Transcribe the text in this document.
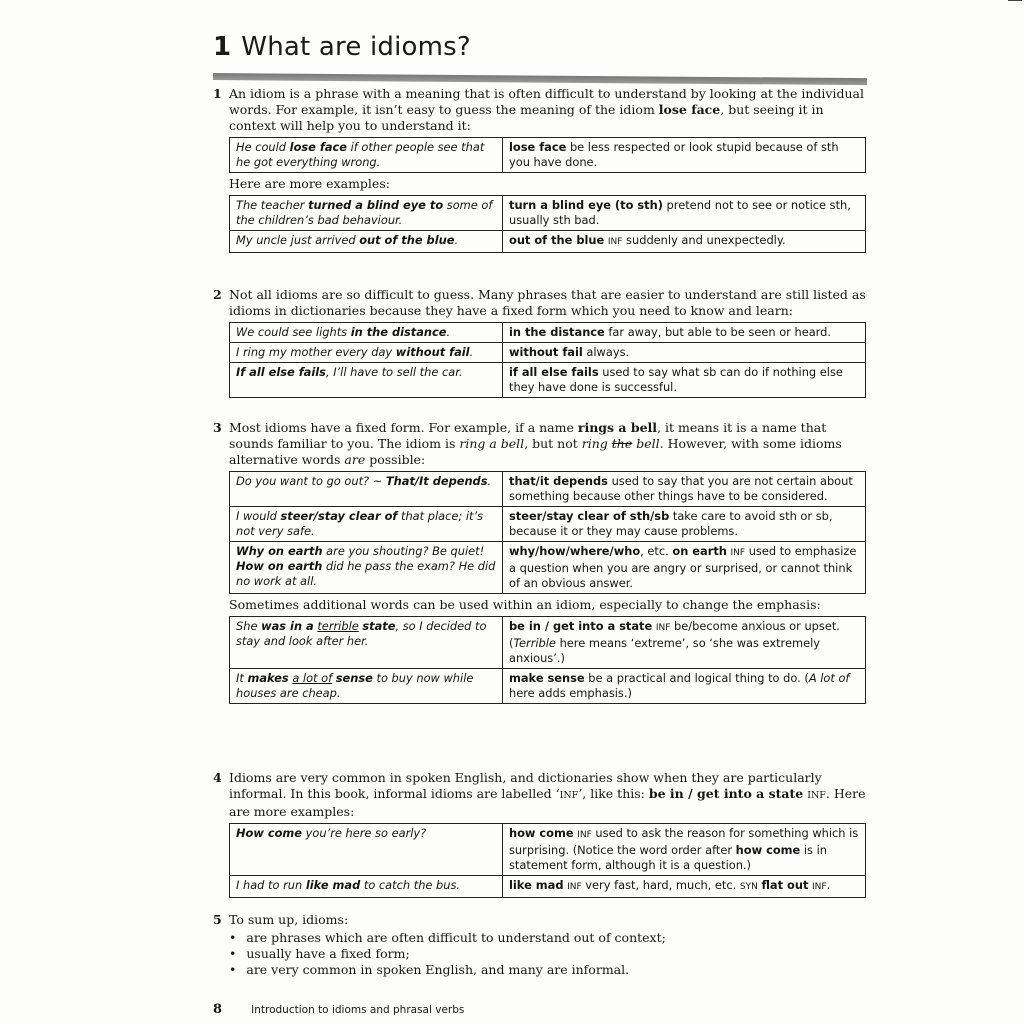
1 What are idioms?
1 An idiom is a phrase with a meaning that is often difficult to understand by looking at the individual words. For example, it isn’t easy to guess the meaning of the idiom lose face, but seeing it in context will help you to understand it:
He could lose face if other people see that he got everything wrong.	lose face be less respected or look stupid because of sth you have done.
Here are more examples:
The teacher turned a blind eye to some of the children’s bad behaviour.	turn a blind eye (to sth) pretend not to see or notice sth, usually sth bad.
My uncle just arrived out of the blue.	out of the blue INF suddenly and unexpectedly.
2 Not all idioms are so difficult to guess. Many phrases that are easier to understand are still listed as idioms in dictionaries because they have a fixed form which you need to know and learn:
We could see lights in the distance.	in the distance far away, but able to be seen or heard.
I ring my mother every day without fail.	without fail always.
If all else fails, I’ll have to sell the car.	if all else fails used to say what sb can do if nothing else they have done is successful.
3 Most idioms have a fixed form. For example, if a name rings a bell, it means it is a name that sounds familiar to you. The idiom is ring a bell, but not ring the bell. However, with some idioms alternative words are possible:
Do you want to go out? ~ That/It depends.	that/it depends used to say that you are not certain about something because other things have to be considered.
I would steer/stay clear of that place; it’s not very safe.	steer/stay clear of sth/sb take care to avoid sth or sb, because it or they may cause problems.
Why on earth are you shouting? Be quiet! How on earth did he pass the exam? He did no work at all.	why/how/where/who, etc. on earth INF used to emphasize a question when you are angry or surprised, or cannot think of an obvious answer.
Sometimes additional words can be used within an idiom, especially to change the emphasis:
She was in a terrible state, so I decided to stay and look after her.	be in / get into a state INF be/become anxious or upset. (Terrible here means ‘extreme’, so ‘she was extremely anxious’.)
It makes a lot of sense to buy now while houses are cheap.	make sense be a practical and logical thing to do. (A lot of here adds emphasis.)
4 Idioms are very common in spoken English, and dictionaries show when they are particularly informal. In this book, informal idioms are labelled ‘INF’, like this: be in / get into a state INF. Here are more examples:
How come you’re here so early?	how come INF used to ask the reason for something which is surprising. (Notice the word order after how come is in statement form, although it is a question.)
I had to run like mad to catch the bus.	like mad INF very fast, hard, much, etc. SYN flat out INF.
5 To sum up, idioms:
• are phrases which are often difficult to understand out of context;
• usually have a fixed form;
• are very common in spoken English, and many are informal.
8	Introduction to idioms and phrasal verbs
